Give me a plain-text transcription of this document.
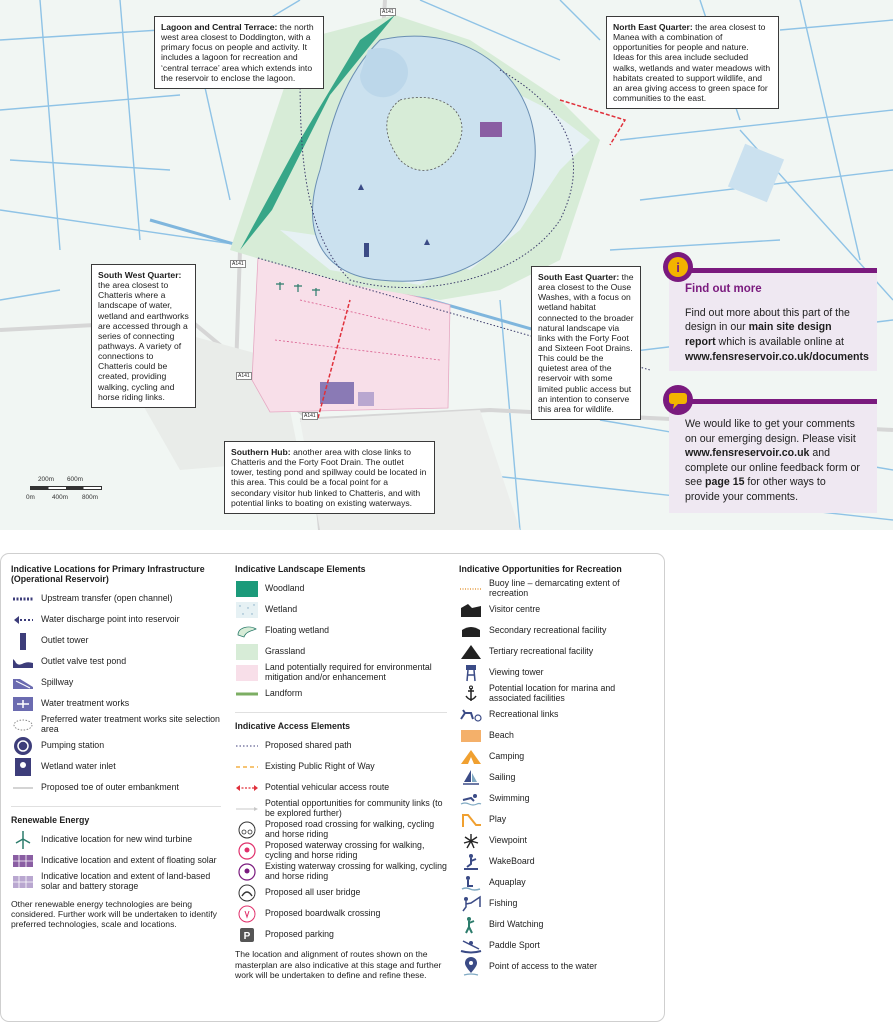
Lagoon and Central Terrace: the north west area closest to Doddington, with a primary focus on people and activity. It includes a lagoon for recreation and ‘central terrace’ area which extends into the reservoir to enclose the lagoon.
North East Quarter: the area closest to Manea with a combination of opportunities for people and nature. Ideas for this area include secluded walks, wetlands and water meadows with habitats created to support wildlife, and an area giving access to green space for communities to the east.
South West Quarter: the area closest to Chatteris where a landscape of water, wetland and earthworks are accessed through a series of connecting pathways. A variety of connections to Chatteris could be created, providing walking, cycling and horse riding links.
South East Quarter: the area closest to the Ouse Washes, with a focus on wetland habitat connected to the broader natural landscape via links with the Forty Foot and Sixteen Foot Drains. This could be the quietest area of the reservoir with some limited public access but an intention to conserve this area for wildlife.
Southern Hub: another area with close links to Chatteris and the Forty Foot Drain. The outlet tower, testing pond and spillway could be located in this area. This could be a focal point for a secondary visitor hub linked to Chatteris, and with potential links to boating on existing waterways.
A141
A141
A141
A141
200m 600m
0m	400m 800m
Find out more
Find out more about this part of the design in our main site design report which is available online at www.fensreservoir.co.uk/documents
i
We would like to get your comments on our emerging design. Please visit www.fensreservoir.co.uk and complete our online feedback form or see page 15 for other ways to provide your comments.
Indicative Locations for Primary Infrastructure (Operational Reservoir)
Upstream transfer (open channel)
Water discharge point into reservoir
Outlet tower
Outlet valve test pond
Spillway
Water treatment works
Preferred water treatment works site selection area
Pumping station
Wetland water inlet
Proposed toe of outer embankment
Renewable Energy
Indicative location for new wind turbine
Indicative location and extent of floating solar
Indicative location and extent of land-based solar and battery storage
Other renewable energy technologies are being considered. Further work will be undertaken to identify preferred technologies, scale and locations.
Indicative Landscape Elements
Woodland
Wetland
Floating wetland
Grassland
Land potentially required for environmental mitigation and/or enhancement
Landform
Indicative Access Elements
Proposed shared path
Existing Public Right of Way
Potential vehicular access route
Potential opportunities for community links (to be explored further)
Proposed road crossing for walking, cycling and horse riding
Proposed waterway crossing for walking, cycling and horse riding
Existing waterway crossing for walking, cycling and horse riding
Proposed all user bridge
Proposed boardwalk crossing
P Proposed parking
The location and alignment of routes shown on the masterplan are also indicative at this stage and further work will be undertaken to define and refine these.
Indicative Opportunities for Recreation
Buoy line – demarcating extent of recreation
Visitor centre
Secondary recreational facility
Tertiary recreational facility
Viewing tower
Potential location for marina and associated facilities
Recreational links
Beach
Camping
Sailing
Swimming
Play
Viewpoint
WakeBoard
Aquaplay
Fishing
Bird Watching
Paddle Sport
Point of access to the water
